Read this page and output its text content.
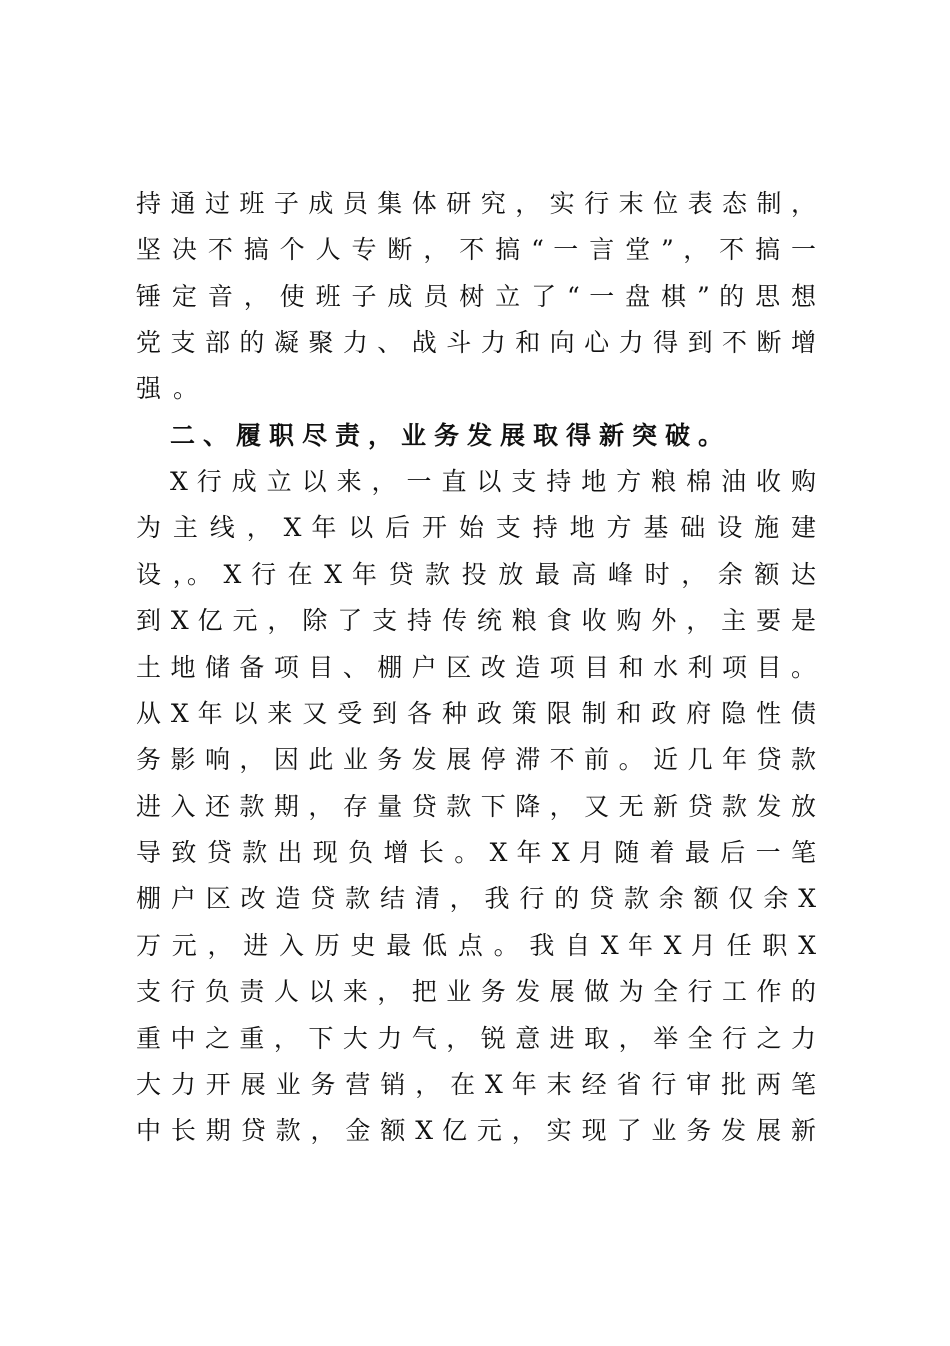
持 通 过 班 子 成 员 集 体 研 究 ， 实 行 末 位 表 态 制 ，
坚 决 不 搞 个 人 专 断 ， 不 搞 “ 一 言 堂 ” ， 不 搞 一
锤 定 音 ， 使 班 子 成 员 树 立 了 “ 一 盘 棋 ” 的 思 想
党 支 部 的 凝 聚 力 、 战 斗 力 和 向 心 力 得 到 不 断 增
强。
二、履职尽责，业务发展取得新突破。
X 行 成 立 以 来 ， 一 直 以 支 持 地 方 粮 棉 油 收 购
为 主 线 ， X 年 以 后 开 始 支 持 地 方 基 础 设 施 建
设 ，。 X 行 在 X 年 贷 款 投 放 最 高 峰 时 ， 余 额 达
到 X 亿 元 ， 除 了 支 持 传 统 粮 食 收 购 外 ， 主 要 是
土 地 储 备 项 目 、 棚 户 区 改 造 项 目 和 水 利 项 目 。
从 X 年 以 来 又 受 到 各 种 政 策 限 制 和 政 府 隐 性 债
务 影 响 ， 因 此 业 务 发 展 停 滞 不 前 。 近 几 年 贷 款
进 入 还 款 期 ， 存 量 贷 款 下 降 ， 又 无 新 贷 款 发 放
导 致 贷 款 出 现 负 增 长 。 X 年 X 月 随 着 最 后 一 笔
棚 户 区 改 造 贷 款 结 清 ， 我 行 的 贷 款 余 额 仅 余 X
万 元 ， 进 入 历 史 最 低 点 。 我 自 X 年 X 月 任 职 X
支 行 负 责 人 以 来 ， 把 业 务 发 展 做 为 全 行 工 作 的
重 中 之 重 ， 下 大 力 气 ， 锐 意 进 取 ， 举 全 行 之 力
大 力 开 展 业 务 营 销 ， 在 X 年 末 经 省 行 审 批 两 笔
中 长 期 贷 款 ， 金 额 X 亿 元 ， 实 现 了 业 务 发 展 新
